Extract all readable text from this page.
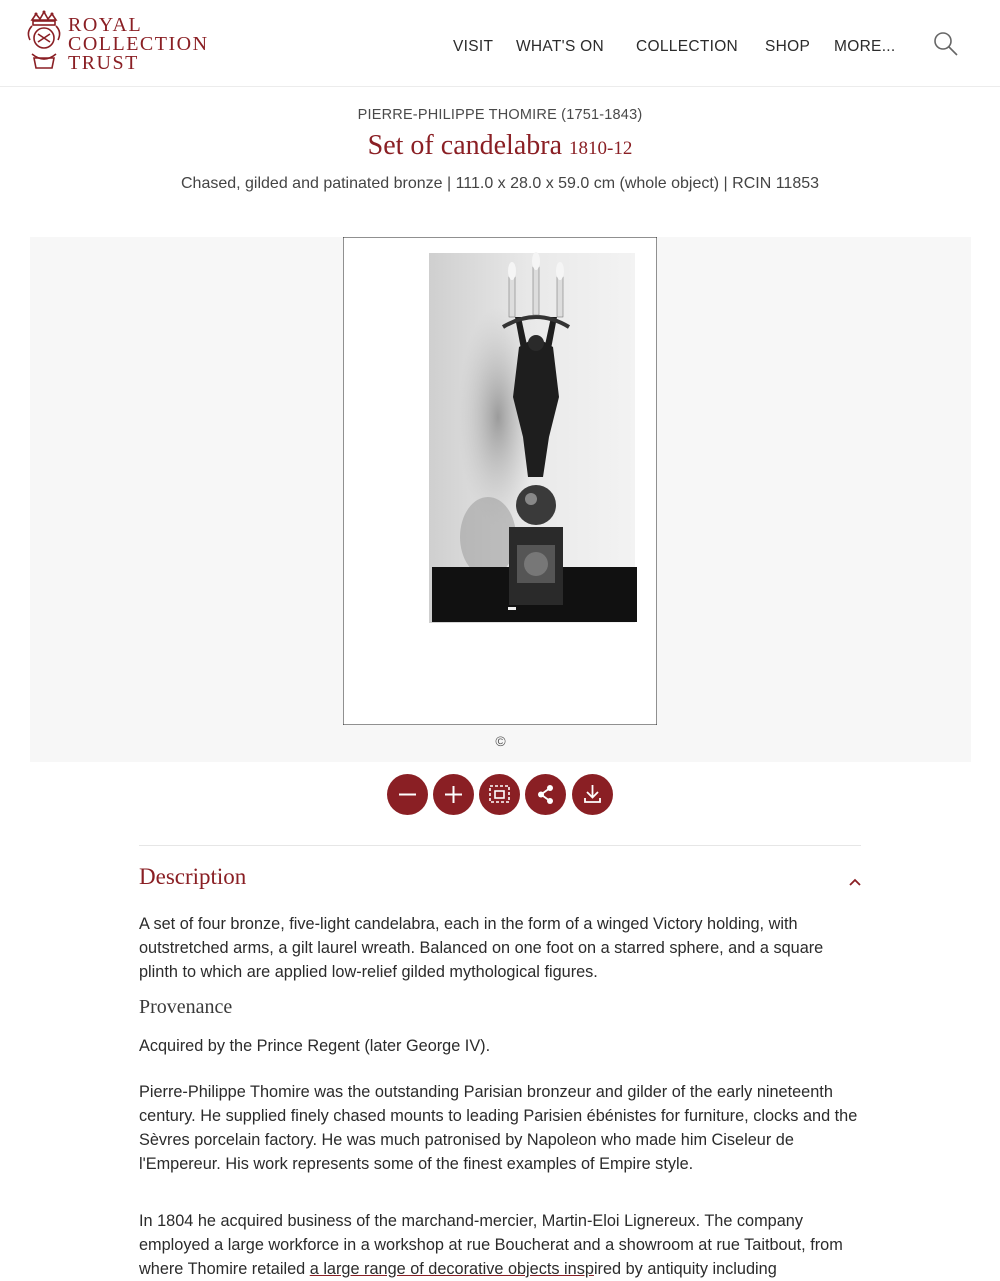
ROYAL
COLLECTION
TRUST
VISIT WHAT'S ON COLLECTION SHOP MORE...
PIERRE-PHILIPPE THOMIRE (1751-1843)
Set of candelabra 1810-12
Chased, gilded and patinated bronze | 111.0 x 28.0 x 59.0 cm (whole object) | RCIN 11853
©
Description

A set of four bronze, five-light candelabra, each in the form of a winged Victory holding, with outstretched arms, a gilt laurel wreath. Balanced on one foot on a starred sphere, and a square plinth to which are applied low-relief gilded mythological figures.

Provenance

Acquired by the Prince Regent (later George IV).

Pierre-Philippe Thomire was the outstanding Parisian bronzeur and gilder of the early nineteenth century. He supplied finely chased mounts to leading Parisien ébénistes for furniture, clocks and the Sèvres porcelain factory. He was much patronised by Napoleon who made him Ciseleur de l'Empereur. His work represents some of the finest examples of Empire style.

In 1804 he acquired business of the marchand-mercier, Martin-Eloi Lignereux. The company employed a large workforce in a workshop at rue Boucherat and a showroom at rue Taitbout, from where Thomire retailed a large range of decorative objects inspired by antiquity including
